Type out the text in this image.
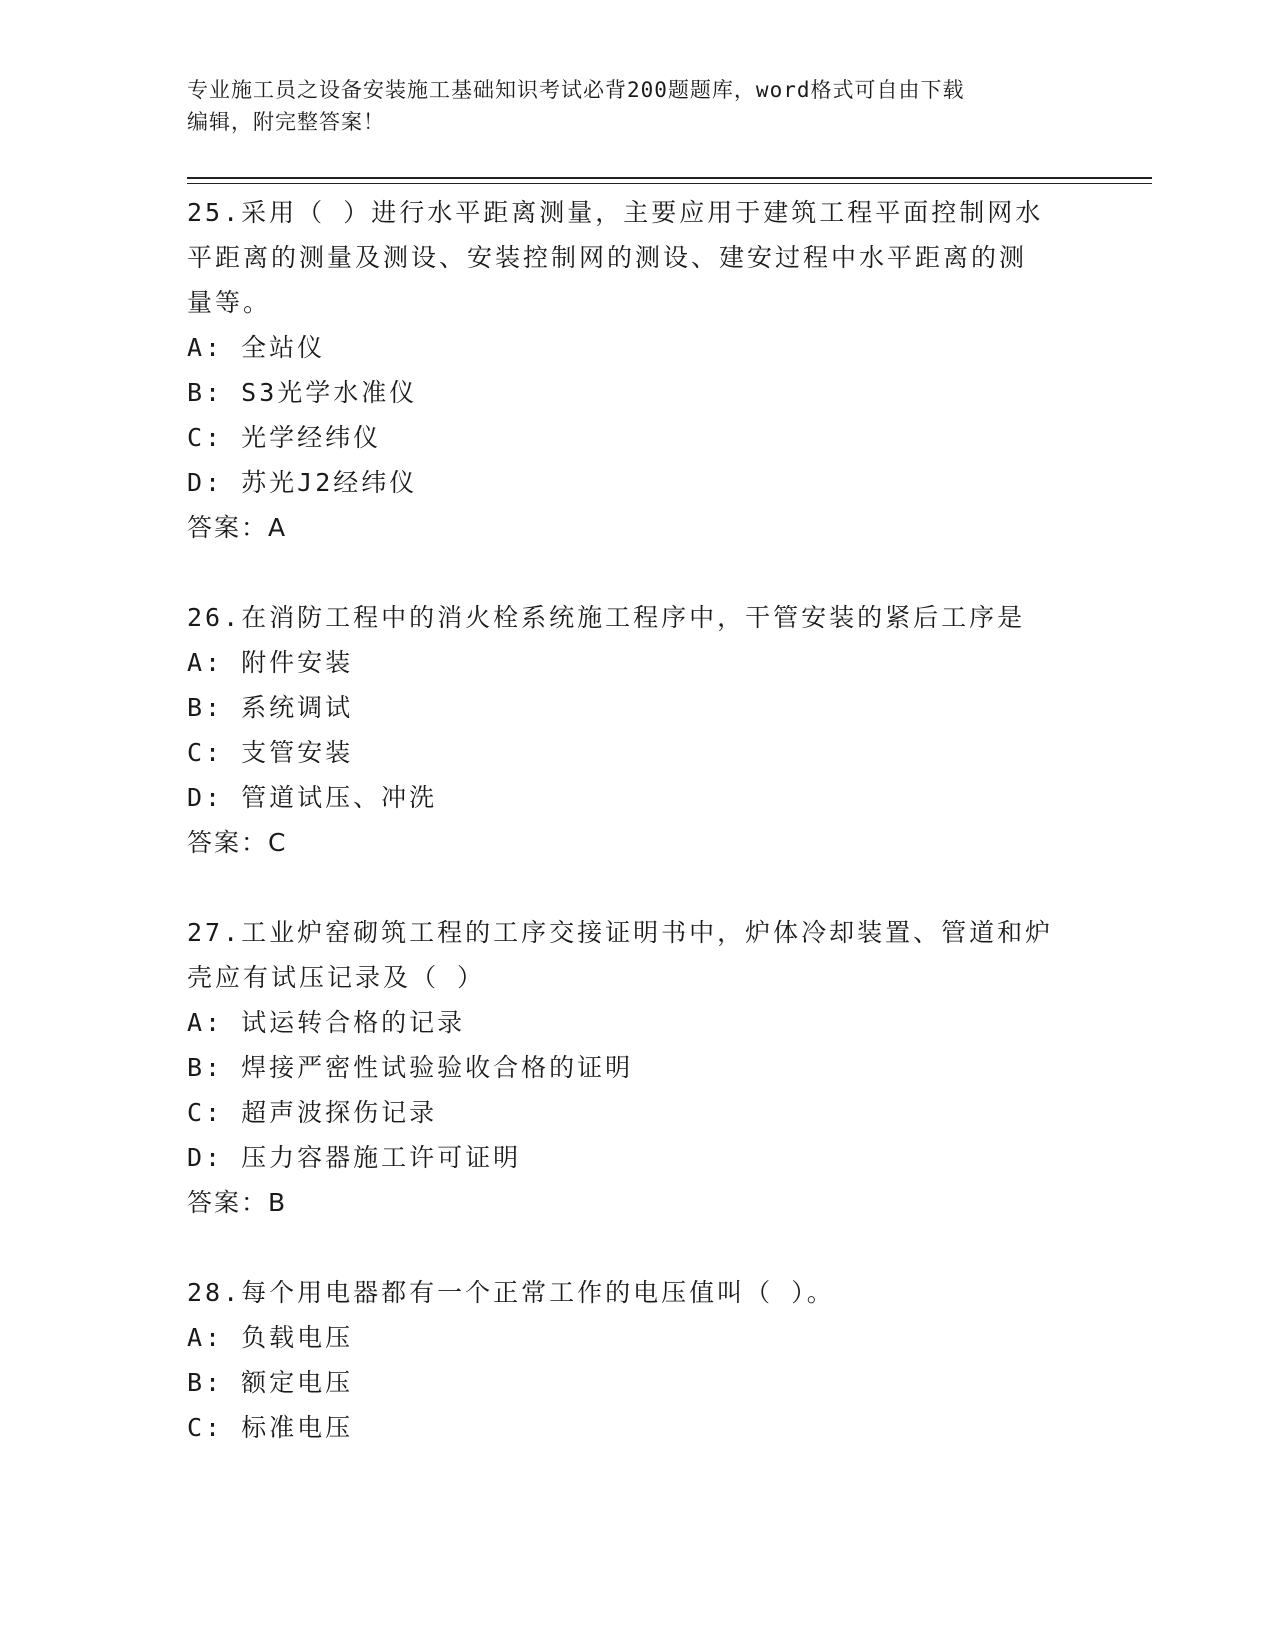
专业施工员之设备安装施工基础知识考试必背200题题库，word格式可自由下载
编辑，附完整答案！

25.采用（ ）进行水平距离测量，主要应用于建筑工程平面控制网水

平距离的测量及测设、安装控制网的测设、建安过程中水平距离的测

量等。

A: 全站仪

B: S3光学水准仪

C: 光学经纬仪

D: 苏光J2经纬仪

答案：A

26.在消防工程中的消火栓系统施工程序中，干管安装的紧后工序是

A: 附件安装

B: 系统调试

C: 支管安装

D: 管道试压、冲洗

答案：C

27.工业炉窑砌筑工程的工序交接证明书中，炉体冷却装置、管道和炉

壳应有试压记录及（ ）

A: 试运转合格的记录

B: 焊接严密性试验验收合格的证明

C: 超声波探伤记录

D: 压力容器施工许可证明

答案：B

28.每个用电器都有一个正常工作的电压值叫（ ）。

A: 负载电压

B: 额定电压

C: 标准电压
